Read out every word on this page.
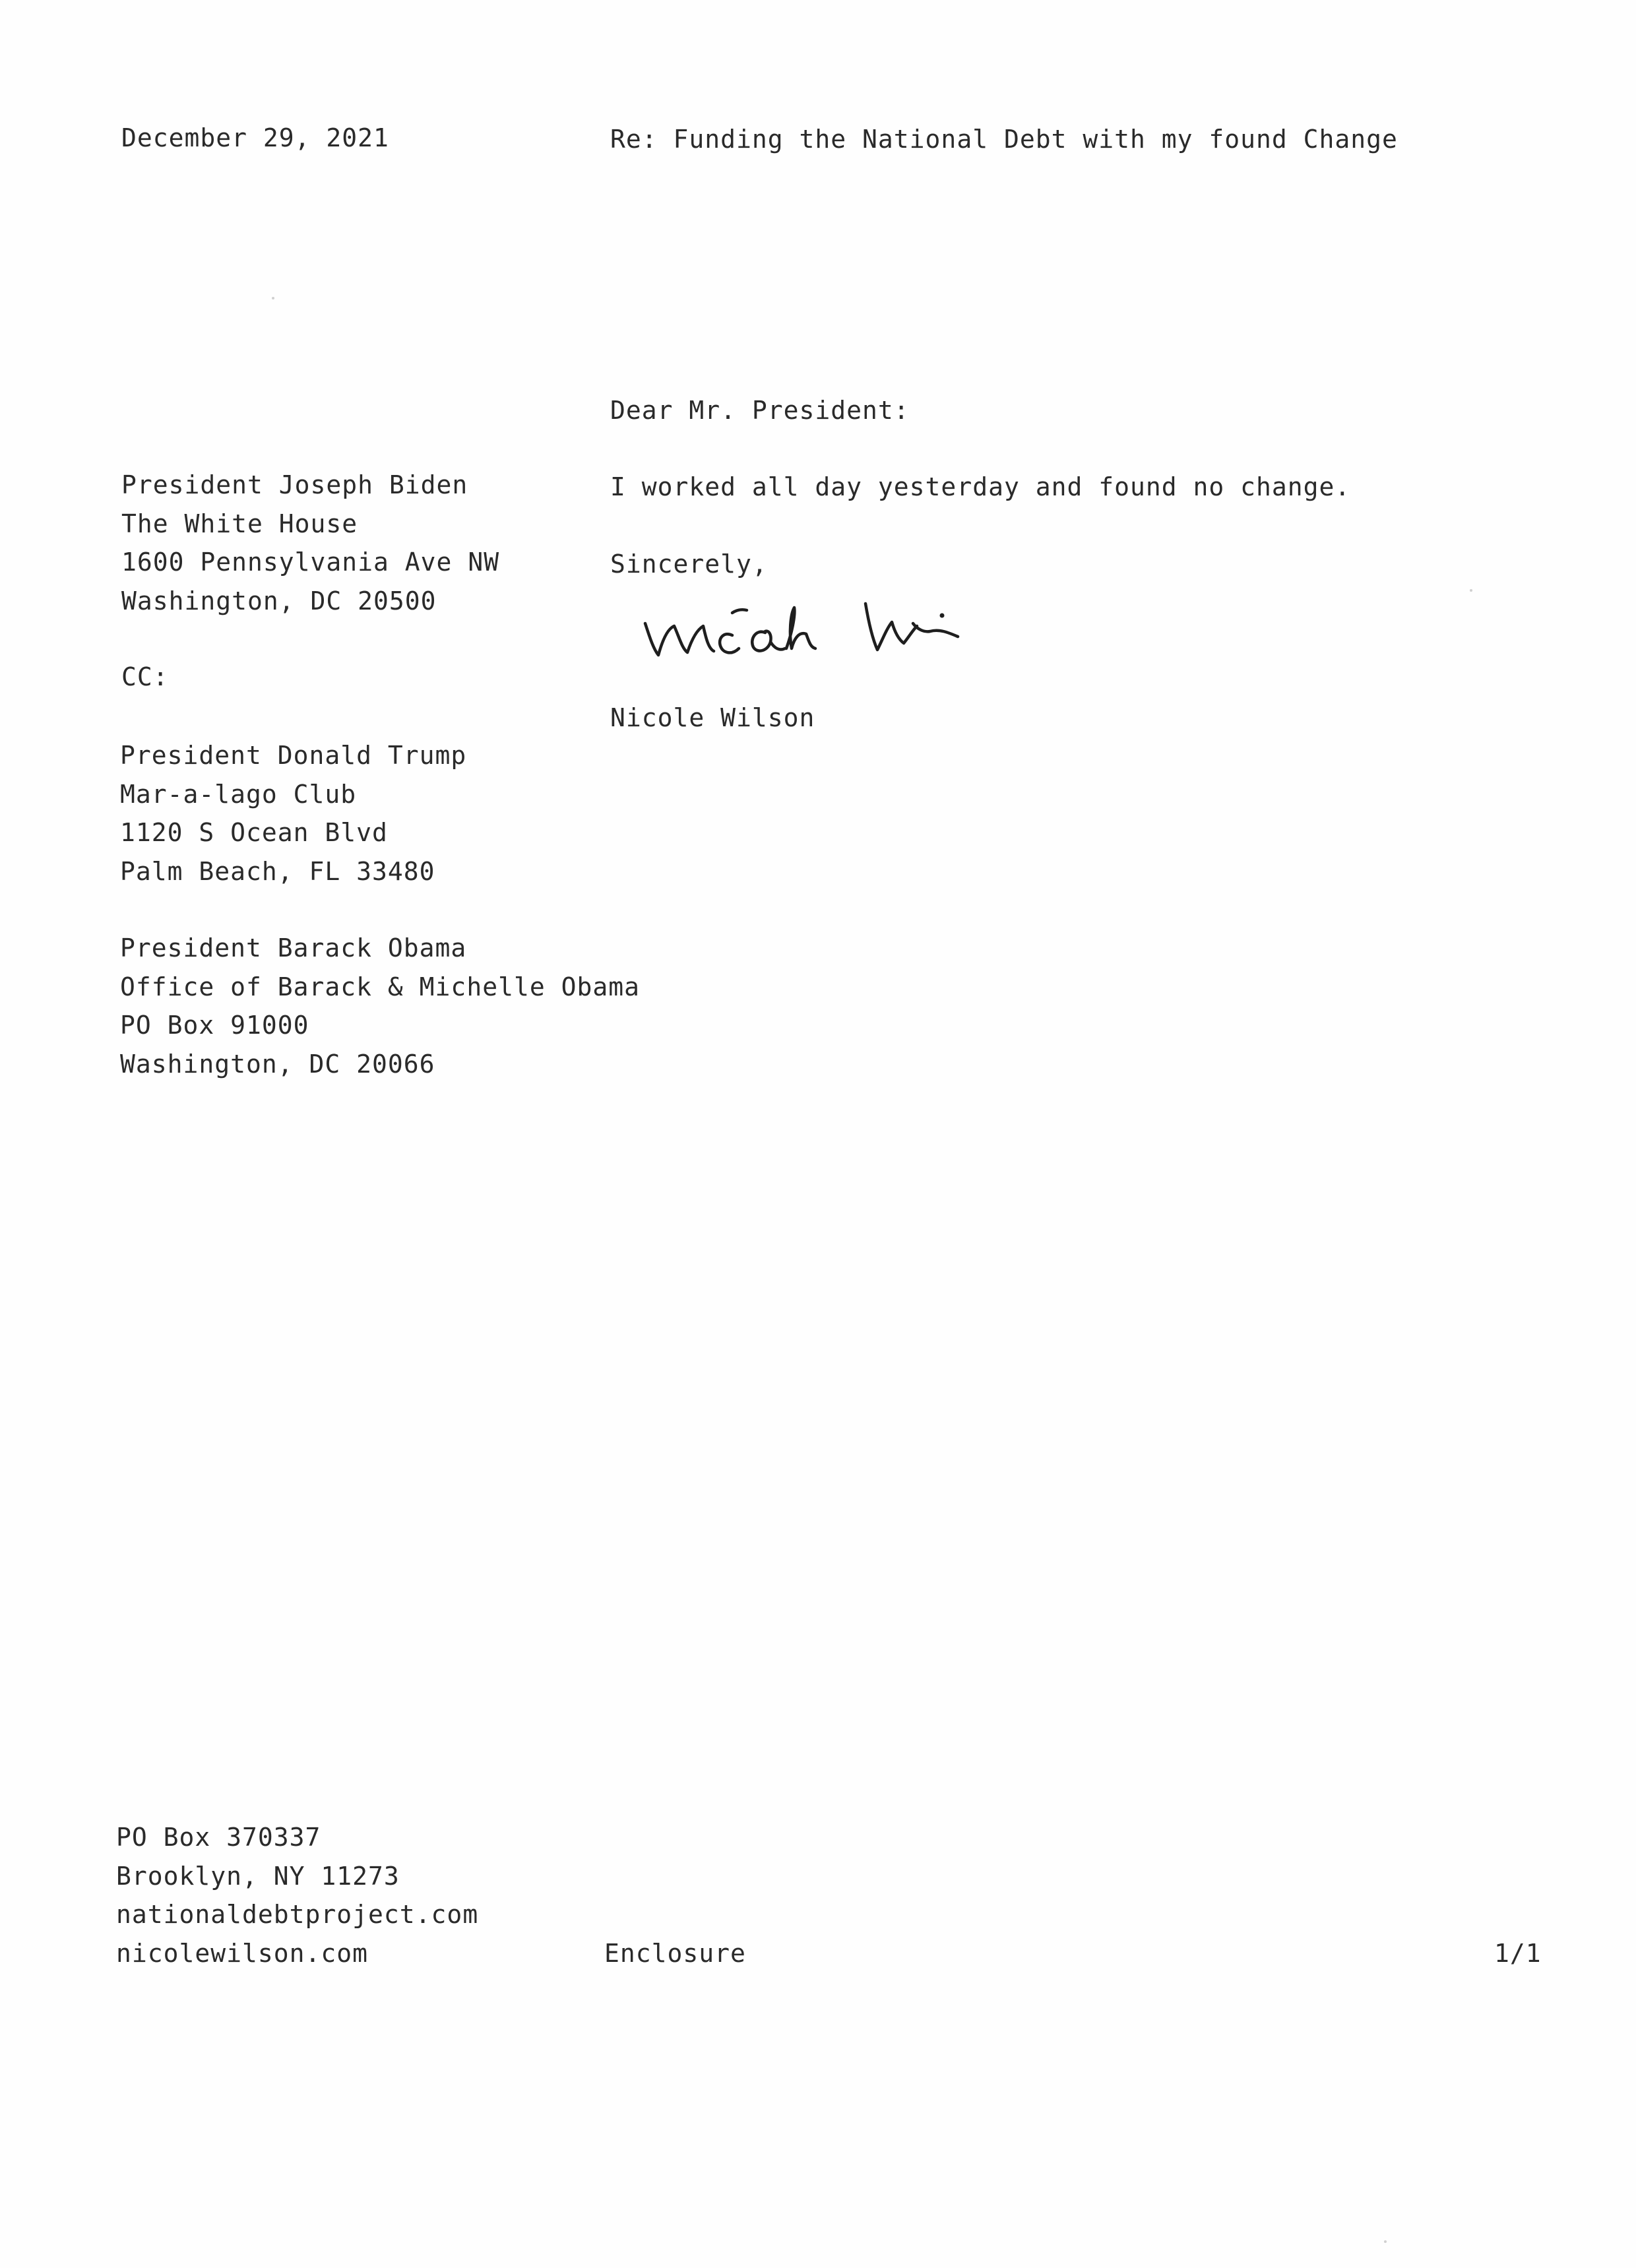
December 29, 2021	Re: Funding the National Debt with my found Change
Dear Mr. President:
I worked all day yesterday and found no change.
Sincerely,
Nicole Wilson
President Joseph Biden
The White House
1600 Pennsylvania Ave NW
Washington, DC 20500
CC:
President Donald Trump
Mar-a-lago Club
1120 S Ocean Blvd
Palm Beach, FL 33480
President Barack Obama
Office of Barack & Michelle Obama
PO Box 91000
Washington, DC 20066
PO Box 370337
Brooklyn, NY 11273
nationaldebtproject.com
nicolewilson.com	Enclosure	1/1
